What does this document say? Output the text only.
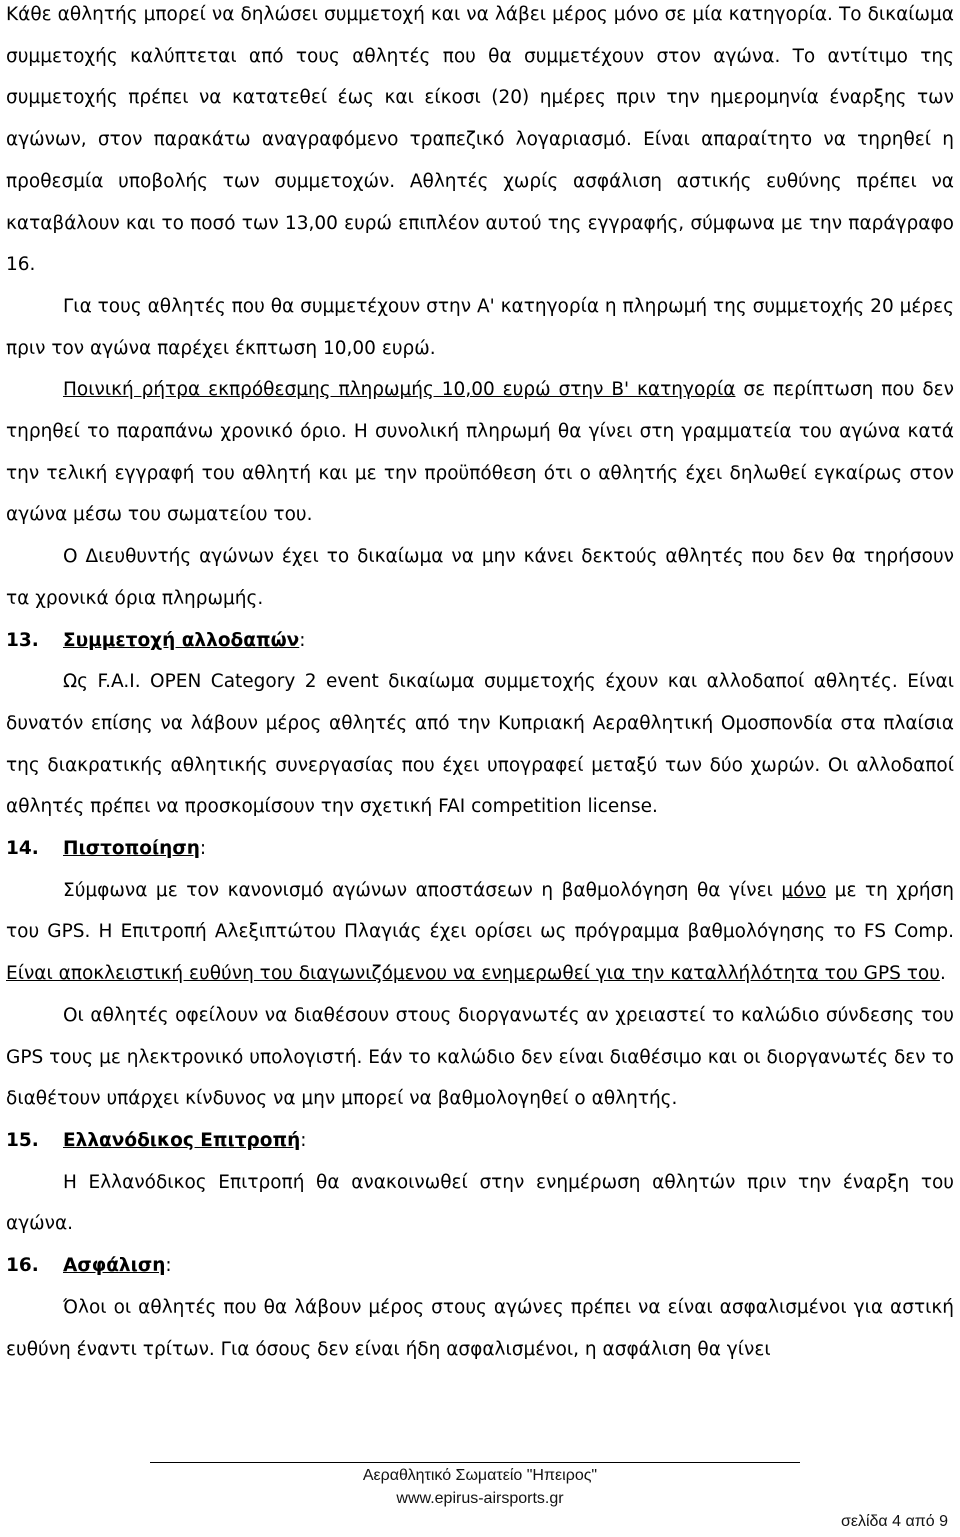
Κάθε αθλητής μπορεί να δηλώσει συμμετοχή και να λάβει μέρος μόνο σε μία κατηγορία. Το δικαίωμα συμμετοχής καλύπτεται από τους αθλητές που θα συμμετέχουν στον αγώνα. Το αντίτιμο της συμμετοχής πρέπει να κατατεθεί έως και είκοσι (20) ημέρες πριν την ημερομηνία έναρξης των αγώνων, στον παρακάτω αναγραφόμενο τραπεζικό λογαριασμό. Είναι απαραίτητο να τηρηθεί η προθεσμία υποβολής των συμμετοχών. Αθλητές χωρίς ασφάλιση αστικής ευθύνης πρέπει να καταβάλουν και το ποσό των 13,00 ευρώ επιπλέον αυτού της εγγραφής, σύμφωνα με την παράγραφο 16.

Για τους αθλητές που θα συμμετέχουν στην Α' κατηγορία η πληρωμή της συμμετοχής 20 μέρες πριν τον αγώνα παρέχει έκπτωση 10,00 ευρώ.

Ποινική ρήτρα εκπρόθεσμης πληρωμής 10,00 ευρώ στην Β' κατηγορία σε περίπτωση που δεν τηρηθεί το παραπάνω χρονικό όριο. Η συνολική πληρωμή θα γίνει στη γραμματεία του αγώνα κατά την τελική εγγραφή του αθλητή και με την προϋπόθεση ότι ο αθλητής έχει δηλωθεί εγκαίρως στον αγώνα μέσω του σωματείου του.

Ο Διευθυντής αγώνων έχει το δικαίωμα να μην κάνει δεκτούς αθλητές που δεν θα τηρήσουν τα χρονικά όρια πληρωμής.

13.	Συμμετοχή αλλοδαπών :

Ως F.A.I. OPEN Category 2 event δικαίωμα συμμετοχής έχουν και αλλοδαποί αθλητές. Είναι δυνατόν επίσης να λάβουν μέρος αθλητές από την Κυπριακή Αεραθλητική Ομοσπονδία στα πλαίσια της διακρατικής αθλητικής συνεργασίας που έχει υπογραφεί μεταξύ των δύο χωρών. Οι αλλοδαποί αθλητές πρέπει να προσκομίσουν την σχετική FAI competition license.

14.	Πιστοποίηση :

Σύμφωνα με τον κανονισμό αγώνων αποστάσεων η βαθμολόγηση θα γίνει μόνο με τη χρήση του GPS. Η Επιτροπή Αλεξιπτώτου Πλαγιάς έχει ορίσει ως πρόγραμμα βαθμολόγησης το FS Comp. Είναι αποκλειστική ευθύνη του διαγωνιζόμενου να ενημερωθεί για την καταλλήλότητα του GPS του.

Οι αθλητές οφείλουν να διαθέσουν στους διοργανωτές αν χρειαστεί το καλώδιο σύνδεσης του GPS τους με ηλεκτρονικό υπολογιστή. Εάν το καλώδιο δεν είναι διαθέσιμο και οι διοργανωτές δεν το διαθέτουν υπάρχει κίνδυνος να μην μπορεί να βαθμολογηθεί ο αθλητής.

15.	Ελλανόδικος Επιτροπή :

Η Ελλανόδικος Επιτροπή θα ανακοινωθεί στην ενημέρωση αθλητών πριν την έναρξη του αγώνα.

16.	Ασφάλιση :

Όλοι οι αθλητές που θα λάβουν μέρος στους αγώνες πρέπει να είναι ασφαλισμένοι για αστική ευθύνη έναντι τρίτων. Για όσους δεν είναι ήδη ασφαλισμένοι, η ασφάλιση θα γίνει

Αεραθλητικό Σωματείο "Ηπειρος"
www.epirus-airsports.gr
σελίδα 4 από 9
